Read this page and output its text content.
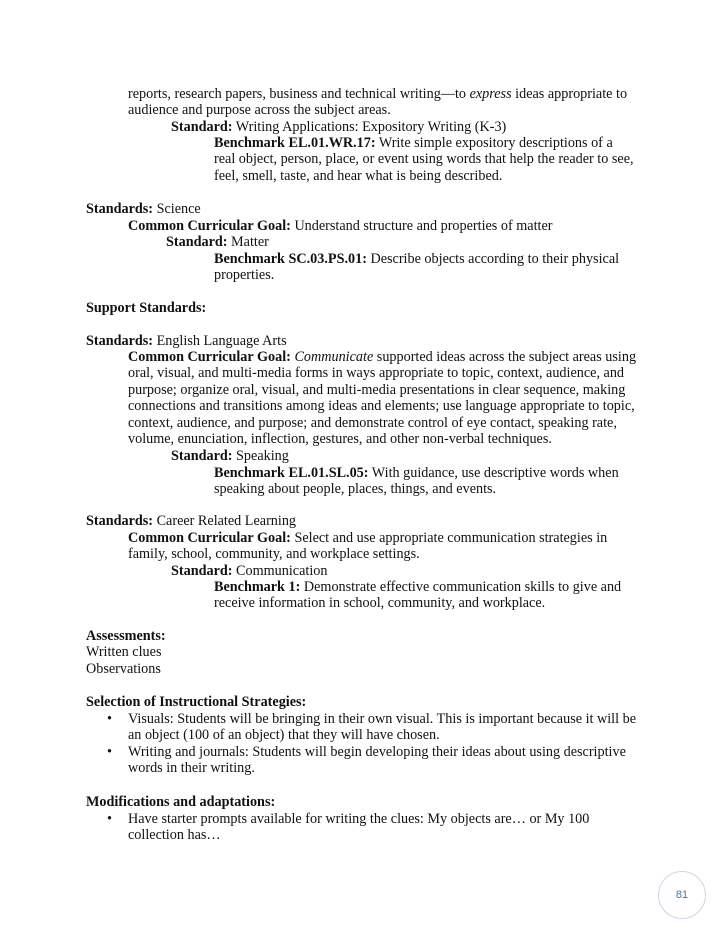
reports, research papers, business and technical writing—to express ideas appropriate to

audience and purpose across the subject areas.

Standard: Writing Applications: Expository Writing (K-3)

Benchmark EL.01.WR.17: Write simple expository descriptions of a

real object, person, place, or event using words that help the reader to see,

feel, smell, taste, and hear what is being described.

Standards: Science

Common Curricular Goal: Understand structure and properties of matter

Standard: Matter

Benchmark SC.03.PS.01: Describe objects according to their physical

properties.

Support Standards:

Standards: English Language Arts

Common Curricular Goal: Communicate supported ideas across the subject areas using

oral, visual, and multi-media forms in ways appropriate to topic, context, audience, and

purpose; organize oral, visual, and multi-media presentations in clear sequence, making

connections and transitions among ideas and elements; use language appropriate to topic,

context, audience, and purpose; and demonstrate control of eye contact, speaking rate,

volume, enunciation, inflection, gestures, and other non-verbal techniques.

Standard: Speaking

Benchmark EL.01.SL.05: With guidance, use descriptive words when

speaking about people, places, things, and events.

Standards: Career Related Learning

Common Curricular Goal: Select and use appropriate communication strategies in

family, school, community, and workplace settings.

Standard: Communication

Benchmark 1: Demonstrate effective communication skills to give and

receive information in school, community, and workplace.

Assessments:

Written clues

Observations

Selection of Instructional Strategies:

• Visuals: Students will be bringing in their own visual. This is important because it will be

an object (100 of an object) that they will have chosen.

• Writing and journals: Students will begin developing their ideas about using descriptive

words in their writing.

Modifications and adaptations:

• Have starter prompts available for writing the clues: My objects are… or My 100

collection has…

81
